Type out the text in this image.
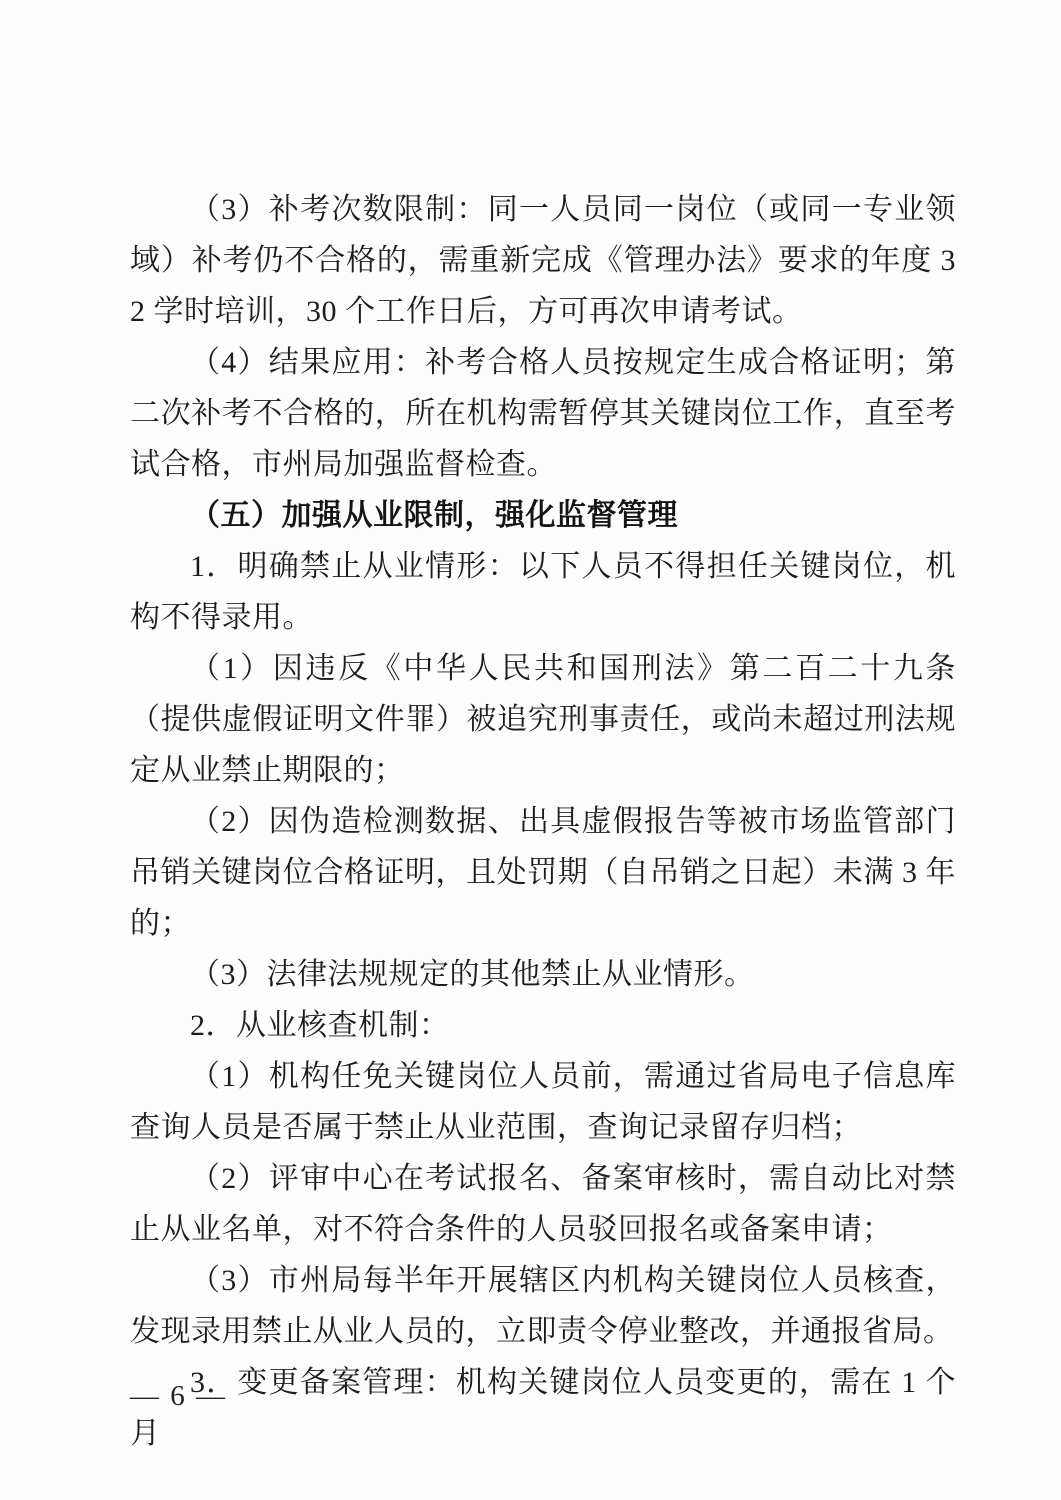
（3）补考次数限制：同一人员同一岗位（或同一专业领域）补考仍不合格的，需重新完成《管理办法》要求的年度 32 学时培训，30 个工作日后，方可再次申请考试。

（4）结果应用：补考合格人员按规定生成合格证明；第二次补考不合格的，所在机构需暂停其关键岗位工作，直至考试合格，市州局加强监督检查。

（五）加强从业限制，强化监督管理

1．明确禁止从业情形：以下人员不得担任关键岗位，机构不得录用。

（1）因违反《中华人民共和国刑法》第二百二十九条（提供虚假证明文件罪）被追究刑事责任，或尚未超过刑法规定从业禁止期限的；

（2）因伪造检测数据、出具虚假报告等被市场监管部门吊销关键岗位合格证明，且处罚期（自吊销之日起）未满 3 年的；

（3）法律法规规定的其他禁止从业情形。

2．从业核查机制：

（1）机构任免关键岗位人员前，需通过省局电子信息库查询人员是否属于禁止从业范围，查询记录留存归档；

（2）评审中心在考试报名、备案审核时，需自动比对禁止从业名单，对不符合条件的人员驳回报名或备案申请；

（3）市州局每半年开展辖区内机构关键岗位人员核查，发现录用禁止从业人员的，立即责令停业整改，并通报省局。

3．变更备案管理：机构关键岗位人员变更的，需在 1 个月

— 6 —
